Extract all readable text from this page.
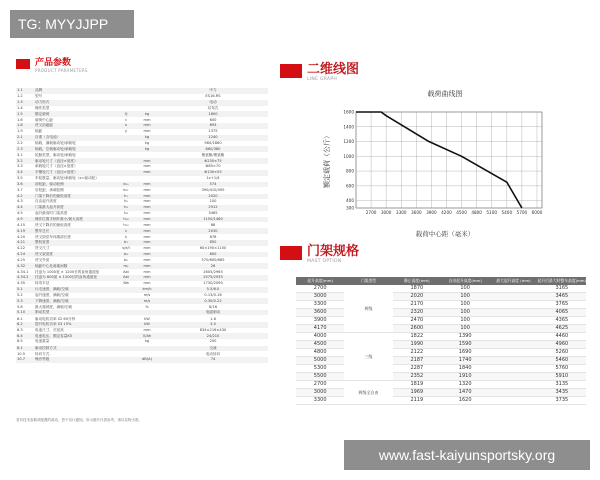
TG: MYYJJPP
产品参数
PRODUCT PARAMETERS
1.1	品牌			中力
1.2	型号			ES16-RS
1.3	动力形式			电动
1.4	操作类型			站驾式
1.5	额定载荷	Q	kg	1600
1.6	载荷中心距	c	mm	600
1.8	货叉前悬距	x	mm	693
1.9	轴距	y	mm	1375
2.1	自重（含电池）		kg	1240
2.2	轴载，满载驱动轮/承载轮		kg	960/1880
2.3	轴载，空载驱动轮/承载轮		kg	860/380
3.1	轮胎类型，驱动轮/承载轮			聚氨酯/聚氨酯
3.2	驱动轮尺寸（直径×宽度）		mm	Φ230×75
3.3	承载轮尺寸（直径×宽度）		mm	Φ85×70
3.4	平衡轮尺寸（直径×宽度）		mm	Φ130×55
3.5	车轮数量，驱动轮/承载轮（x=驱动轮）			1x+1/4
3.6	前轮距，驱动轮侧	b₁₀	mm	574
3.7	后轮距，承载轮侧	b₁₁	mm	390/410/495
4.2	门架下降后的最低高度	h₁	mm	2020
4.3	自由起升高度	h₂	mm	100
4.4	门架最大起升高度	h₃	mm	2912
4.5	起升最高时门架高度	h₄	mm	3465
4.9	操作位置手柄杆最小/最大高度	h₁₄	mm	1150/1480
4.15	货叉下降后的最低高度	h₁₃	mm	86
4.19	整车总长	l₁	mm	2030
4.20	货叉面至车体端部长度	l₂	mm	878
4.21	整机宽度	b₁	mm	850
4.22	货叉尺寸	s/e/l	mm	60×190×1150
4.24	货叉架宽度	b₃	mm	800
4.25	货叉外宽	b₅	mm	570/600/685
4.32	轴距中心处离地间隙	m₂	mm	26
4.34.1	托盘为 1000宽 × 1200长的直角通道宽	Ast	mm	2605/2965
4.34.2	托盘为 800宽 × 1200长的直角通道宽	Ast	mm	2575/2935
4.35	转弯半径	Wa	mm	1730/2090
5.1	行走速度，满载/空载		km/h	5.5/6.0
5.2	起升速度，满载/空载		m/s	0.13/0.16
5.3	下降速度，满载/空载		m/s	0.30/0.22
5.8	最大爬坡度，满载/空载		%	8/16
5.10	制动类型			电磁制动
6.1	驱动电机功率 S2 60分钟		kW	1.6
6.2	提升电机功率 S3 15%		kW	3.0
6.3	电池尺寸，长宽高		mm	834×216×430
6.4	电池电压，额定容量K5		V/Ah	24/210
6.5	电池重量		kg	200
8.1	驱动控制方式			交流
10.5	转向方式			电动转向
10.7	噪音等级		dB(A)	74
若有技术参数或配置的改动，恕不另行通知。所示图片仅供参考，请以实物为准。
二维线图
LINE GRAPH
载荷曲线图
额定载荷（公斤）
载荷中心距（毫米）
2700 3000 3300 3600 3900 4200 4500 4800 5100 5400 5700 6000
300
400
600
800
1000
1200
1400
1600
门架规格
MAST OPTION
起升高度(mm)	门架类型	静止高度(mm)	自由起升高度(mm)	最大起升高度 (mm)	起升后最大时整车高度(mm)
2700	两级	1870	100		3165
3000		2020	100		3465
3300		2170	100		3765
3600		2320	100		4065
3900		2470	100		4365
4170		2600	100		4625
4000	三级	1822	1390		4460
4500		1990	1590		4960
4800		2122	1690		5260
5000		2187	1740		5460
5300		2287	1840		5760
5500		2352	1910		5910
2700	两级全自由	1819	1320		3135
3000		1969	1470		3435
3300		2119	1620		3735
www.fast-kaiyunsportsky.org
